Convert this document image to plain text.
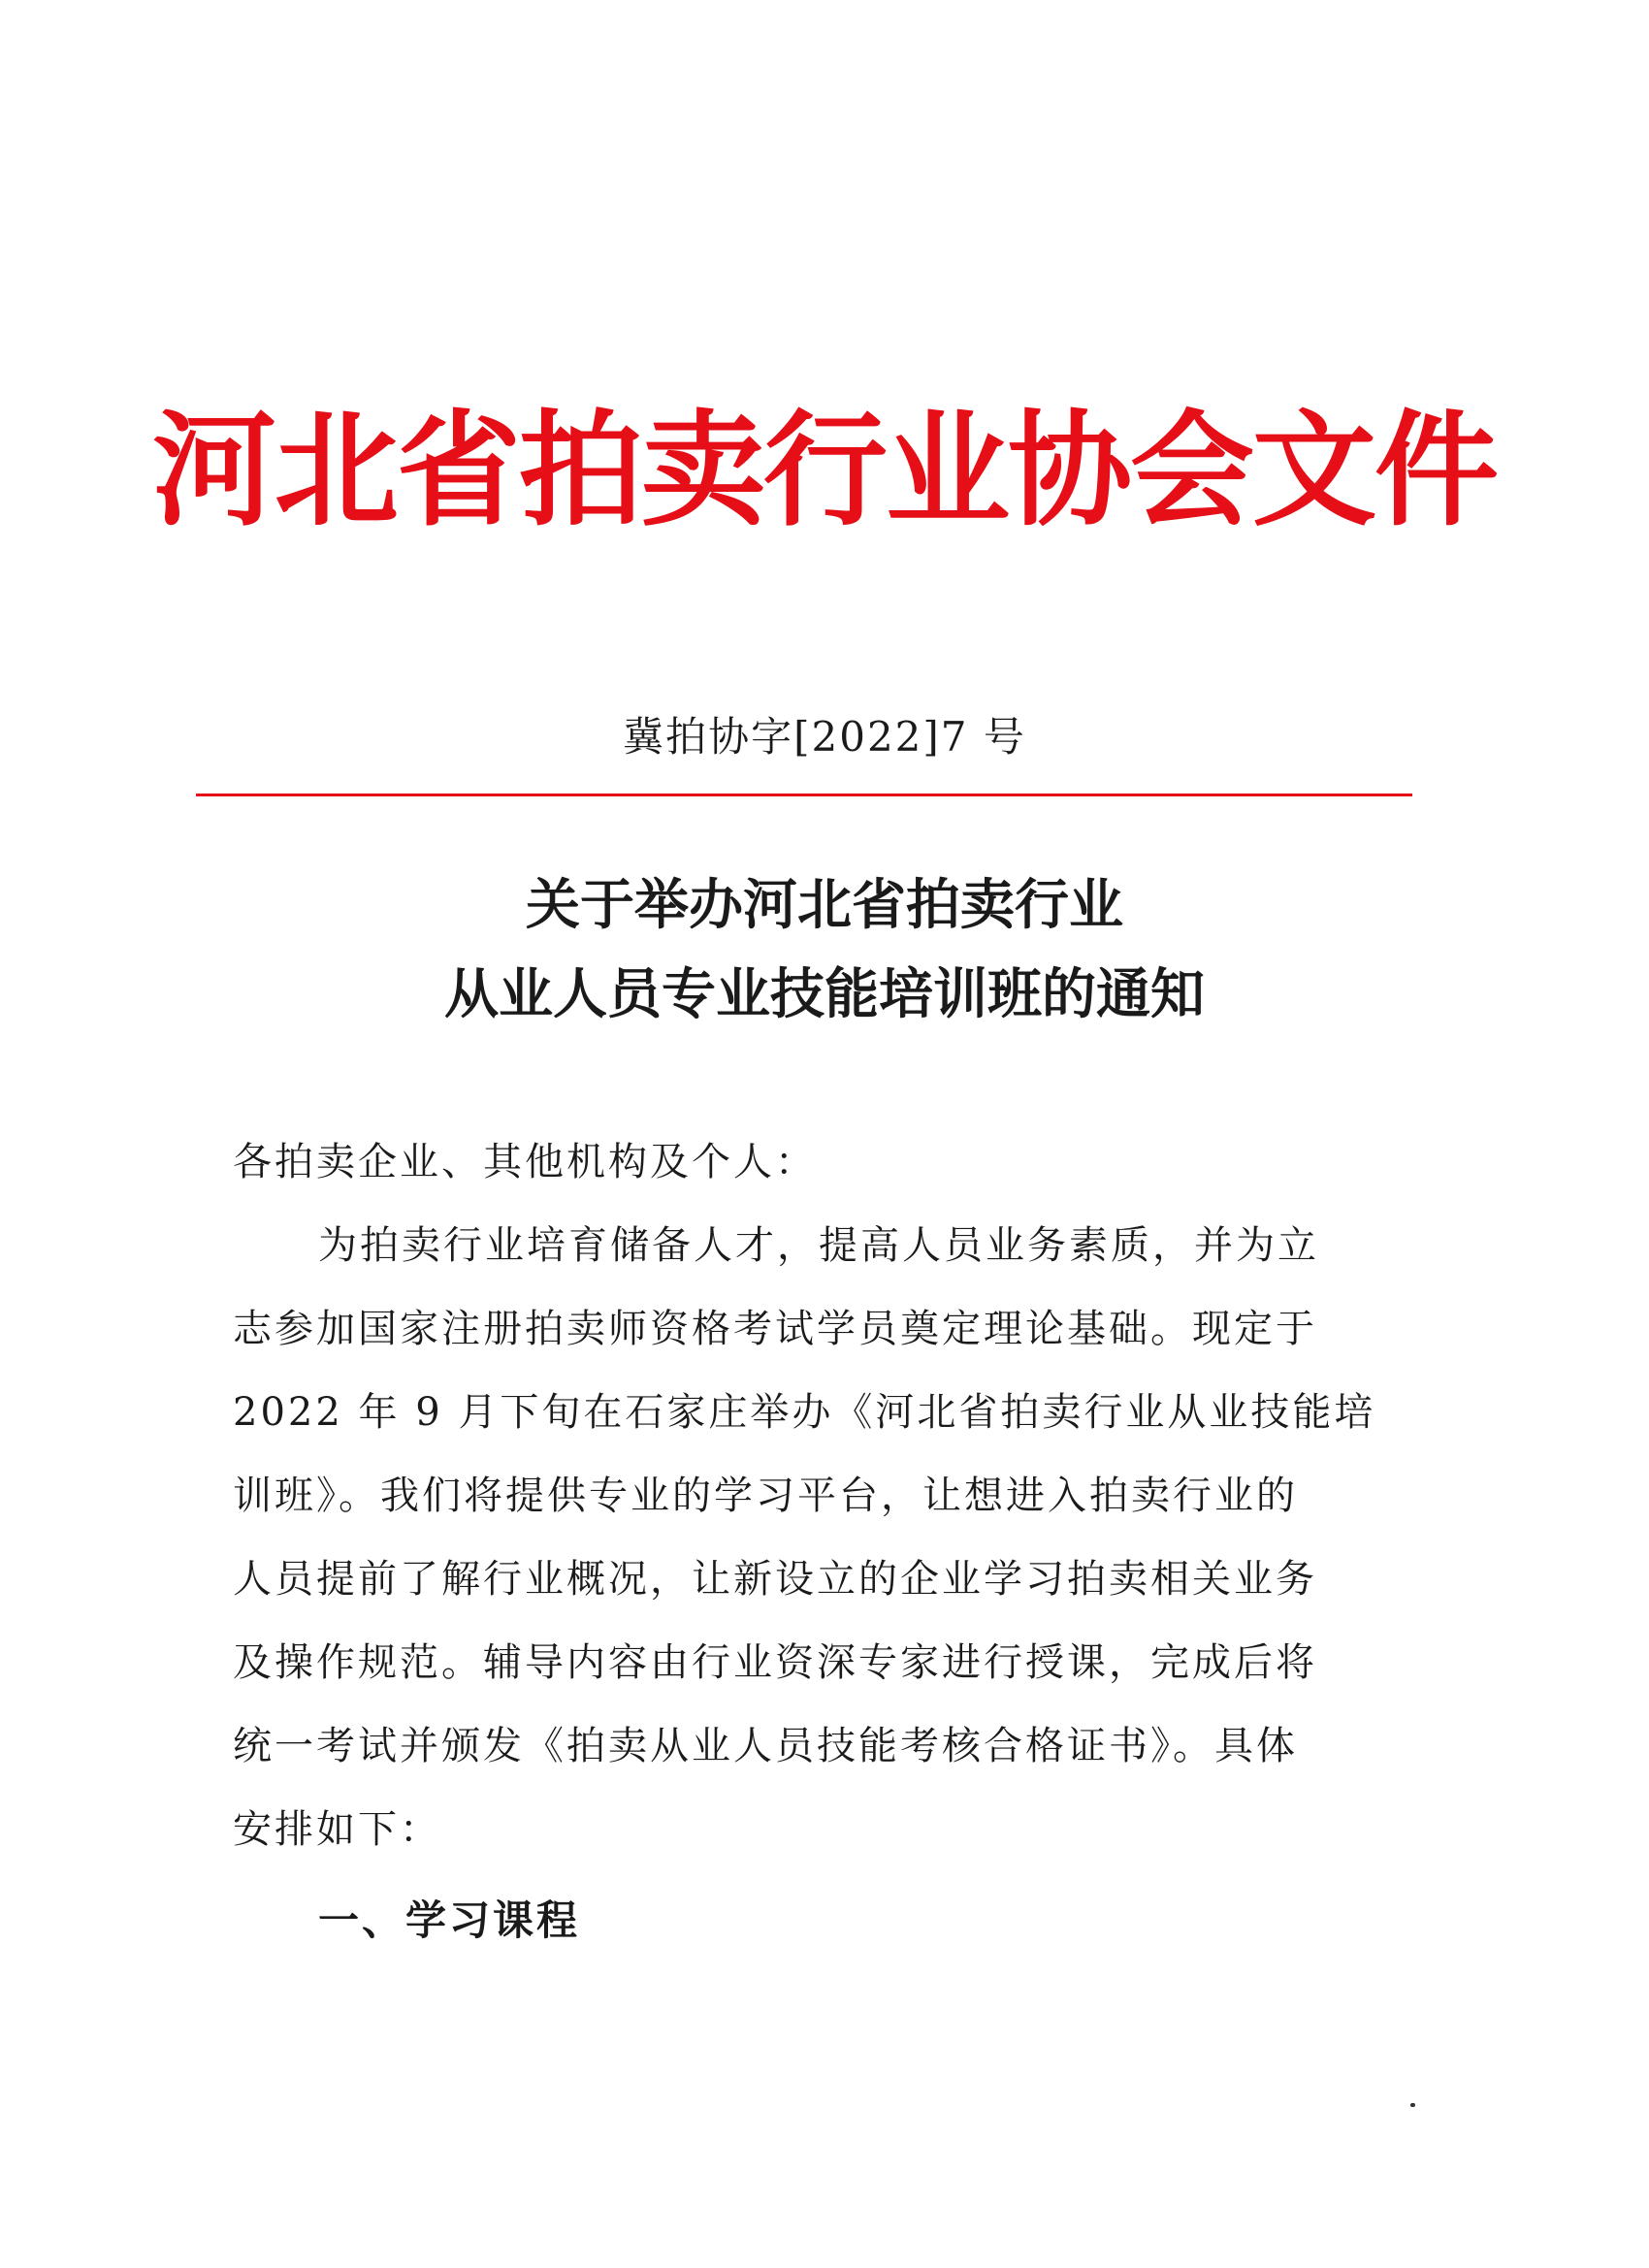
河北省拍卖行业协会文件
冀拍协字[2022]7 号
关于举办河北省拍卖行业
从业人员专业技能培训班的通知
各拍卖企业、其他机构及个人：
为拍卖行业培育储备人才，提高人员业务素质，并为立
志参加国家注册拍卖师资格考试学员奠定理论基础。现定于
2022 年 9 月下旬在石家庄举办《河北省拍卖行业从业技能培
训班》。我们将提供专业的学习平台，让想进入拍卖行业的
人员提前了解行业概况，让新设立的企业学习拍卖相关业务
及操作规范。辅导内容由行业资深专家进行授课，完成后将
统一考试并颁发《拍卖从业人员技能考核合格证书》。具体
安排如下：
一、学习课程
